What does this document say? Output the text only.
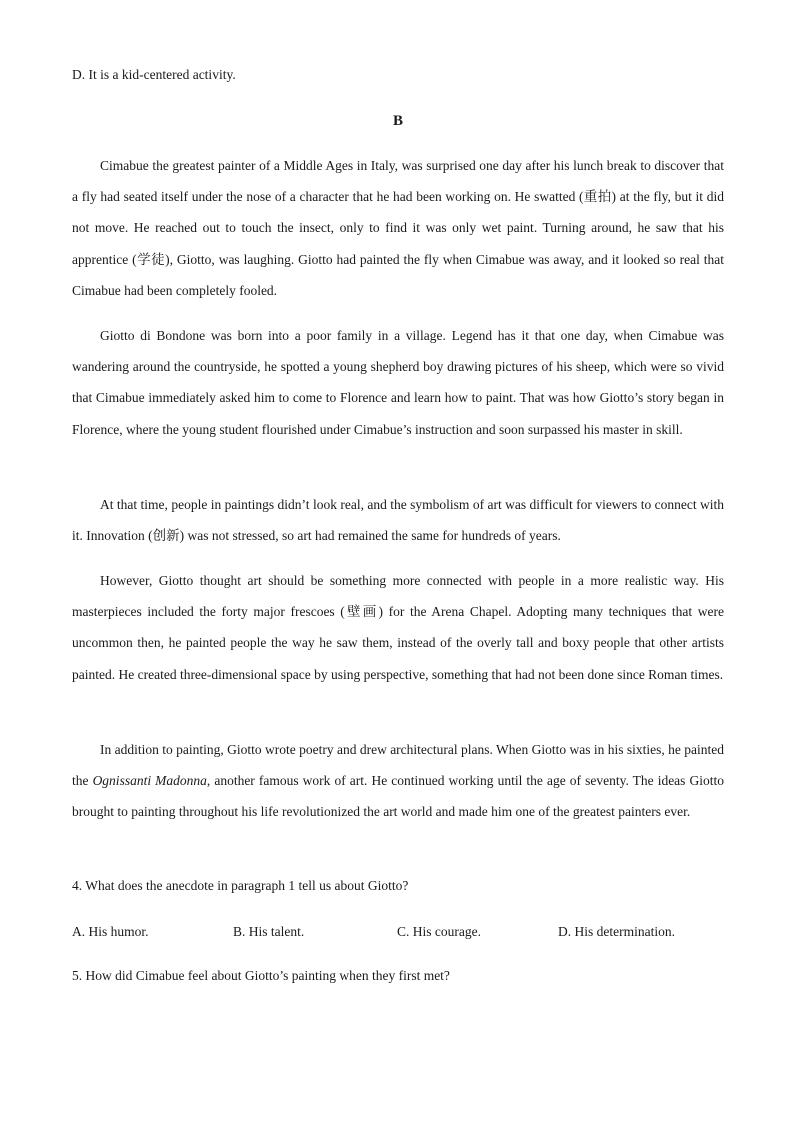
D. It is a kid-centered activity.
B

Cimabue the greatest painter of a Middle Ages in Italy, was surprised one day after his lunch break to discover that a fly had seated itself under the nose of a character that he had been working on. He swatted (重拍) at the fly, but it did not move. He reached out to touch the insect, only to find it was only wet paint. Turning around, he saw that his apprentice (学徒), Giotto, was laughing. Giotto had painted the fly when Cimabue was away, and it looked so real that Cimabue had been completely fooled.

Giotto di Bondone was born into a poor family in a village. Legend has it that one day, when Cimabue was wandering around the countryside, he spotted a young shepherd boy drawing pictures of his sheep, which were so vivid that Cimabue immediately asked him to come to Florence and learn how to paint. That was how Giotto’s story began in Florence, where the young student flourished under Cimabue’s instruction and soon surpassed his master in skill.

At that time, people in paintings didn’t look real, and the symbolism of art was difficult for viewers to connect with it. Innovation (创新) was not stressed, so art had remained the same for hundreds of years.

However, Giotto thought art should be something more connected with people in a more realistic way. His masterpieces included the forty major frescoes (壁画) for the Arena Chapel. Adopting many techniques that were uncommon then, he painted people the way he saw them, instead of the overly tall and boxy people that other artists painted. He created three-dimensional space by using perspective, something that had not been done since Roman times.

In addition to painting, Giotto wrote poetry and drew architectural plans. When Giotto was in his sixties, he painted the Ognissanti Madonna, another famous work of art. He continued working until the age of seventy. The ideas Giotto brought to painting throughout his life revolutionized the art world and made him one of the greatest painters ever.

4. What does the anecdote in paragraph 1 tell us about Giotto?
A. His humor.	B. His talent.	C. His courage.	D. His determination.
5. How did Cimabue feel about Giotto’s painting when they first met?
